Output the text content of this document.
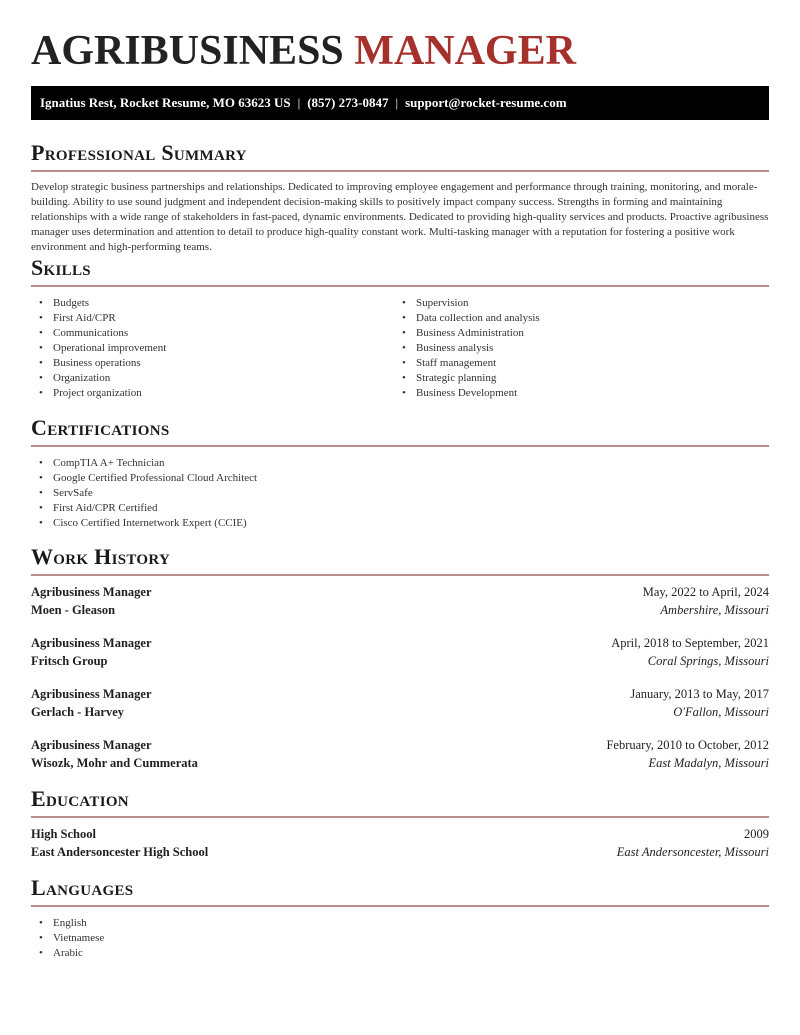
AGRIBUSINESS MANAGER
Ignatius Rest, Rocket Resume, MO 63623 US | (857) 273-0847 | support@rocket-resume.com
Professional Summary

Develop strategic business partnerships and relationships. Dedicated to improving employee engagement and performance through training, monitoring, and morale-building. Ability to use sound judgment and independent decision-making skills to positively impact company success. Strengths in forming and maintaining relationships with a wide range of stakeholders in fast-paced, dynamic environments. Dedicated to providing high-quality services and products. Proactive agribusiness manager uses determination and attention to detail to produce high-quality constant work. Multi-tasking manager with a reputation for fostering a positive work environment and high-performing teams.

Skills
• Budgets
• First Aid/CPR
• Communications
• Operational improvement
• Business operations
• Organization
• Project organization
• Supervision
• Data collection and analysis
• Business Administration
• Business analysis
• Staff management
• Strategic planning
• Business Development
Certifications
• CompTIA A+ Technician
• Google Certified Professional Cloud Architect
• ServSafe
• First Aid/CPR Certified
• Cisco Certified Internetwork Expert (CCIE)
Work History
Agribusiness Manager	May, 2022 to April, 2024
Moen - Gleason	Ambershire, Missouri
Agribusiness Manager	April, 2018 to September, 2021
Fritsch Group	Coral Springs, Missouri
Agribusiness Manager	January, 2013 to May, 2017
Gerlach - Harvey	O'Fallon, Missouri
Agribusiness Manager	February, 2010 to October, 2012
Wisozk, Mohr and Cummerata	East Madalyn, Missouri
Education
High School	2009
East Andersoncester High School	East Andersoncester, Missouri
Languages
• English
• Vietnamese
• Arabic
